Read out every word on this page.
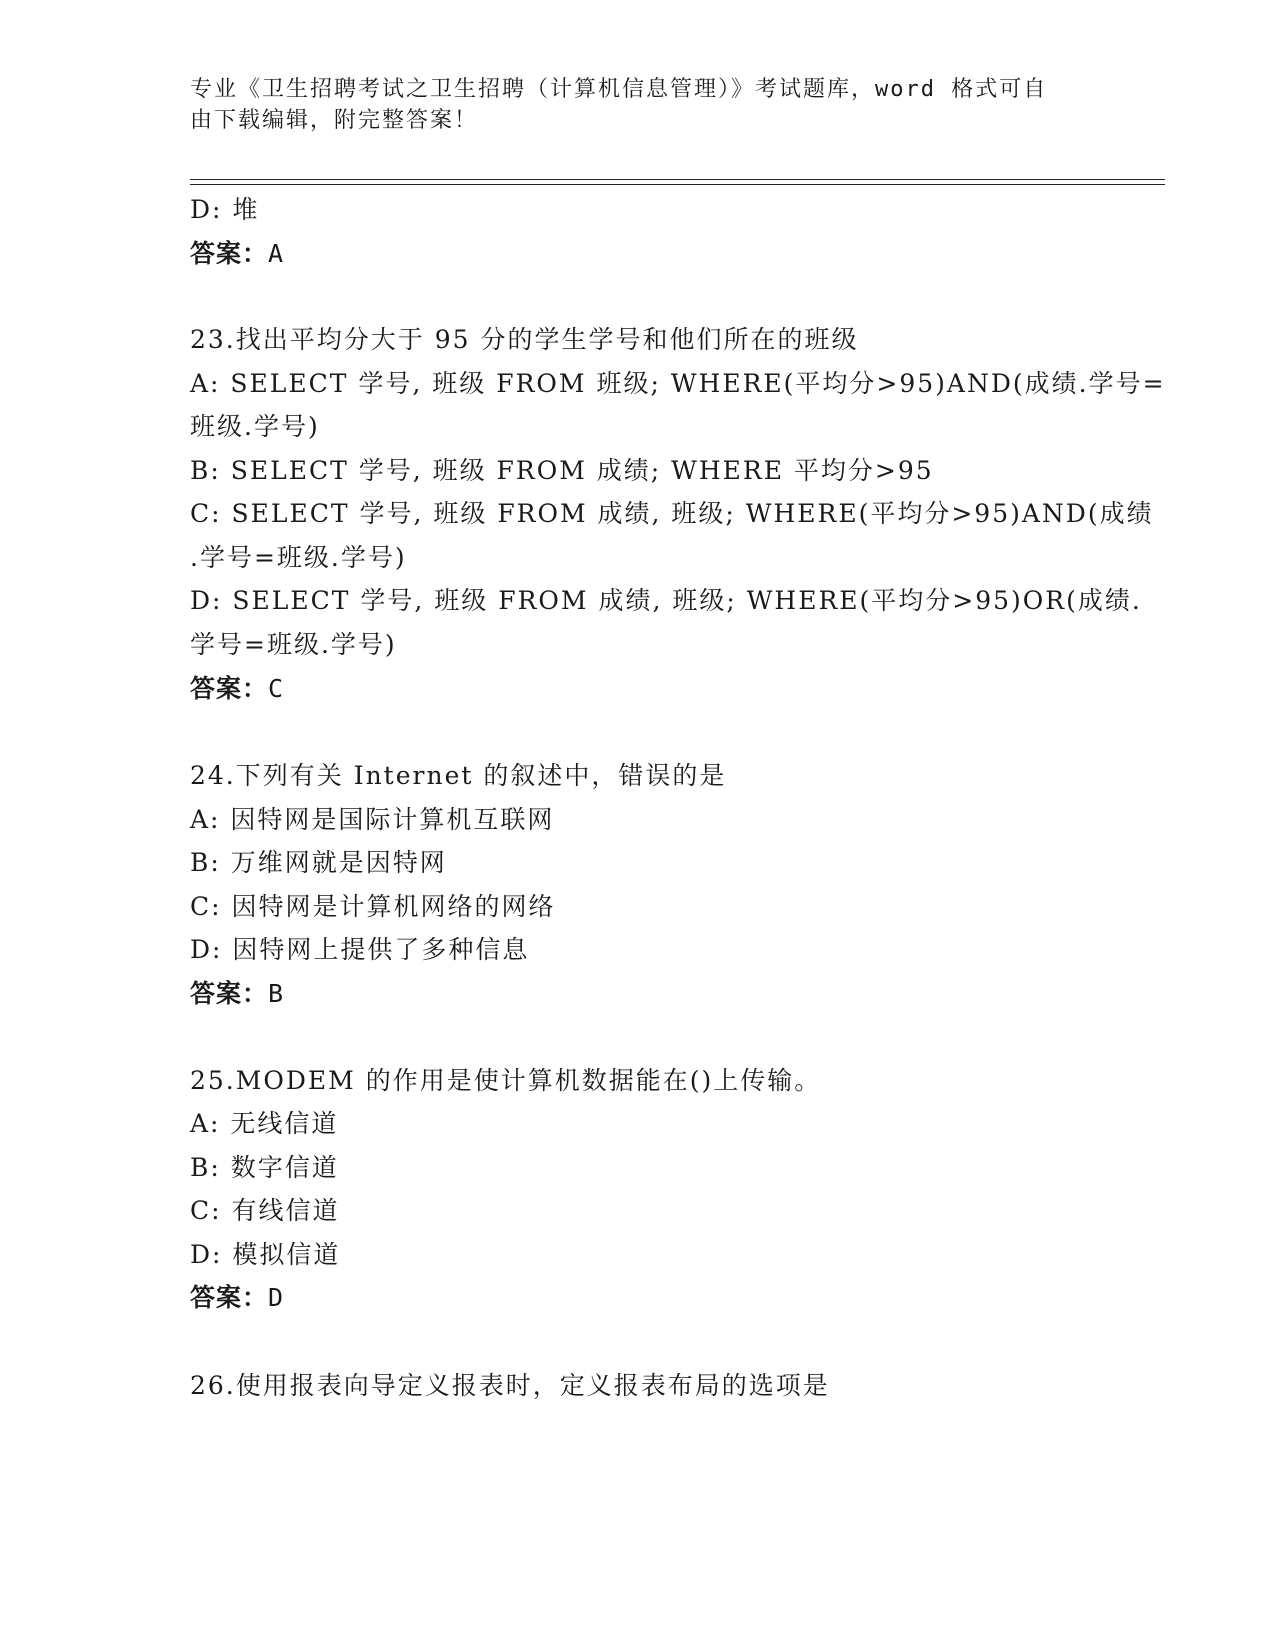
专业《卫生招聘考试之卫生招聘（计算机信息管理）》考试题库，word 格式可自
由下载编辑，附完整答案！
D: 堆
答案：A
23.找出平均分大于 95 分的学生学号和他们所在的班级
A: SELECT 学号, 班级 FROM 班级; WHERE(平均分>95)AND(成绩.学号=
班级.学号)
B: SELECT 学号, 班级 FROM 成绩; WHERE 平均分>95
C: SELECT 学号, 班级 FROM 成绩, 班级; WHERE(平均分>95)AND(成绩
.学号=班级.学号)
D: SELECT 学号, 班级 FROM 成绩, 班级; WHERE(平均分>95)OR(成绩.
学号=班级.学号)
答案：C
24.下列有关 Internet 的叙述中，错误的是
A: 因特网是国际计算机互联网
B: 万维网就是因特网
C: 因特网是计算机网络的网络
D: 因特网上提供了多种信息
答案：B
25.MODEM 的作用是使计算机数据能在()上传输。
A: 无线信道
B: 数字信道
C: 有线信道
D: 模拟信道
答案：D
26.使用报表向导定义报表时，定义报表布局的选项是
